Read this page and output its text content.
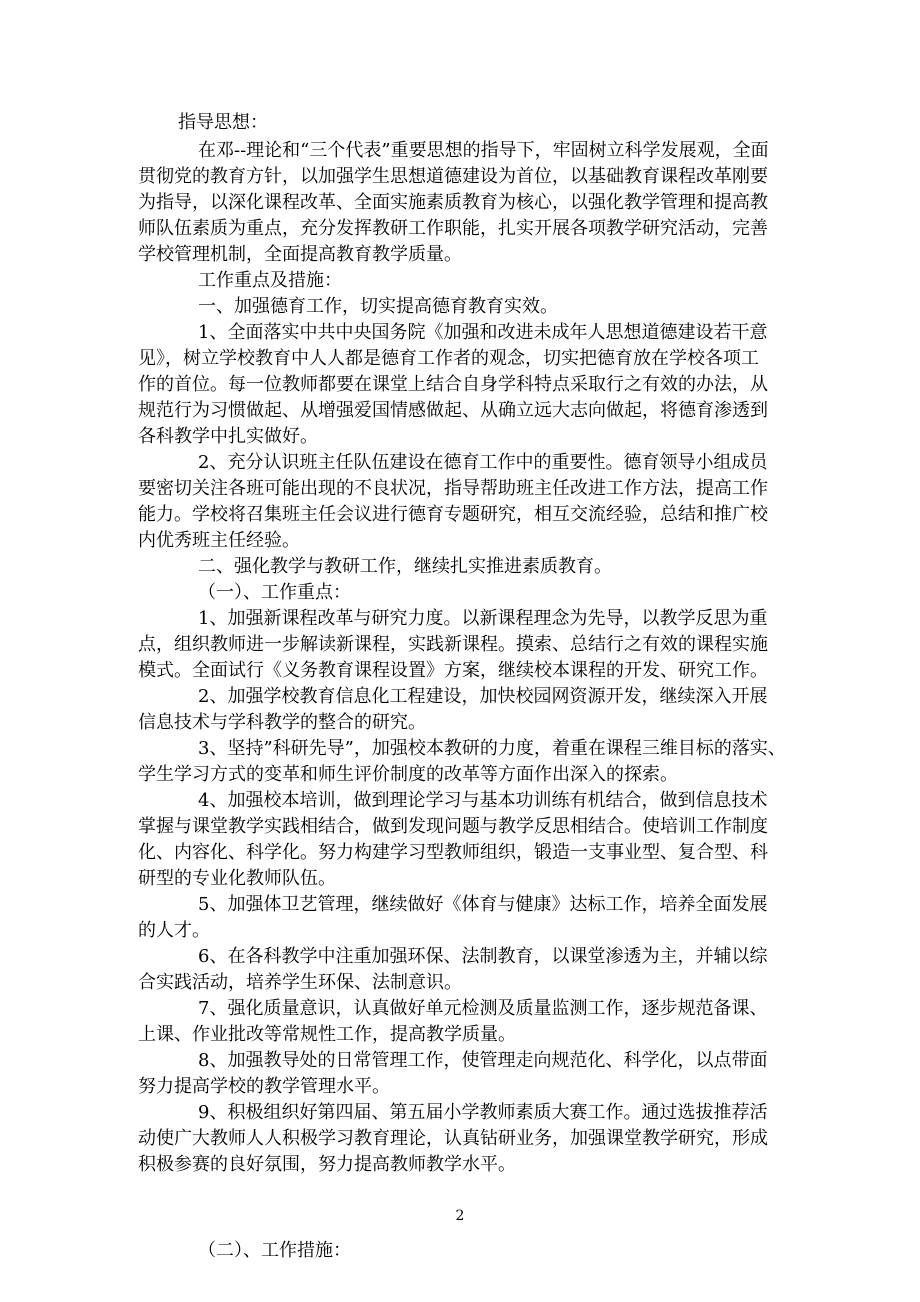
指导思想：
在邓--理论和“三个代表”重要思想的指导下，牢固树立科学发展观，全面
贯彻党的教育方针，以加强学生思想道德建设为首位，以基础教育课程改革刚要
为指导，以深化课程改革、全面实施素质教育为核心，以强化教学管理和提高教
师队伍素质为重点，充分发挥教研工作职能，扎实开展各项教学研究活动，完善
学校管理机制，全面提高教育教学质量。
工作重点及措施：
一、加强德育工作，切实提高德育教育实效。
1、全面落实中共中央国务院《加强和改进未成年人思想道德建设若干意
见》，树立学校教育中人人都是德育工作者的观念，切实把德育放在学校各项工
作的首位。每一位教师都要在课堂上结合自身学科特点采取行之有效的办法，从
规范行为习惯做起、从增强爱国情感做起、从确立远大志向做起，将德育渗透到
各科教学中扎实做好。
2、充分认识班主任队伍建设在德育工作中的重要性。德育领导小组成员
要密切关注各班可能出现的不良状况，指导帮助班主任改进工作方法，提高工作
能力。学校将召集班主任会议进行德育专题研究，相互交流经验，总结和推广校
内优秀班主任经验。
二、强化教学与教研工作，继续扎实推进素质教育。
（一）、工作重点：
1、加强新课程改革与研究力度。以新课程理念为先导，以教学反思为重
点，组织教师进一步解读新课程，实践新课程。摸索、总结行之有效的课程实施
模式。全面试行《义务教育课程设置》方案，继续校本课程的开发、研究工作。
2、加强学校教育信息化工程建设，加快校园网资源开发，继续深入开展
信息技术与学科教学的整合的研究。
3、坚持”科研先导”，加强校本教研的力度，着重在课程三维目标的落实、
学生学习方式的变革和师生评价制度的改革等方面作出深入的探索。
4、加强校本培训，做到理论学习与基本功训练有机结合，做到信息技术
掌握与课堂教学实践相结合，做到发现问题与教学反思相结合。使培训工作制度
化、内容化、科学化。努力构建学习型教师组织，锻造一支事业型、复合型、科
研型的专业化教师队伍。
5、加强体卫艺管理，继续做好《体育与健康》达标工作，培养全面发展
的人才。
6、在各科教学中注重加强环保、法制教育，以课堂渗透为主，并辅以综
合实践活动，培养学生环保、法制意识。
7、强化质量意识，认真做好单元检测及质量监测工作，逐步规范备课、
上课、作业批改等常规性工作，提高教学质量。
8、加强教导处的日常管理工作，使管理走向规范化、科学化，以点带面
努力提高学校的教学管理水平。
9、积极组织好第四届、第五届小学教师素质大赛工作。通过选拔推荐活
动使广大教师人人积极学习教育理论，认真钻研业务，加强课堂教学研究，形成
积极参赛的良好氛围，努力提高教师教学水平。
（二）、工作措施：
2
